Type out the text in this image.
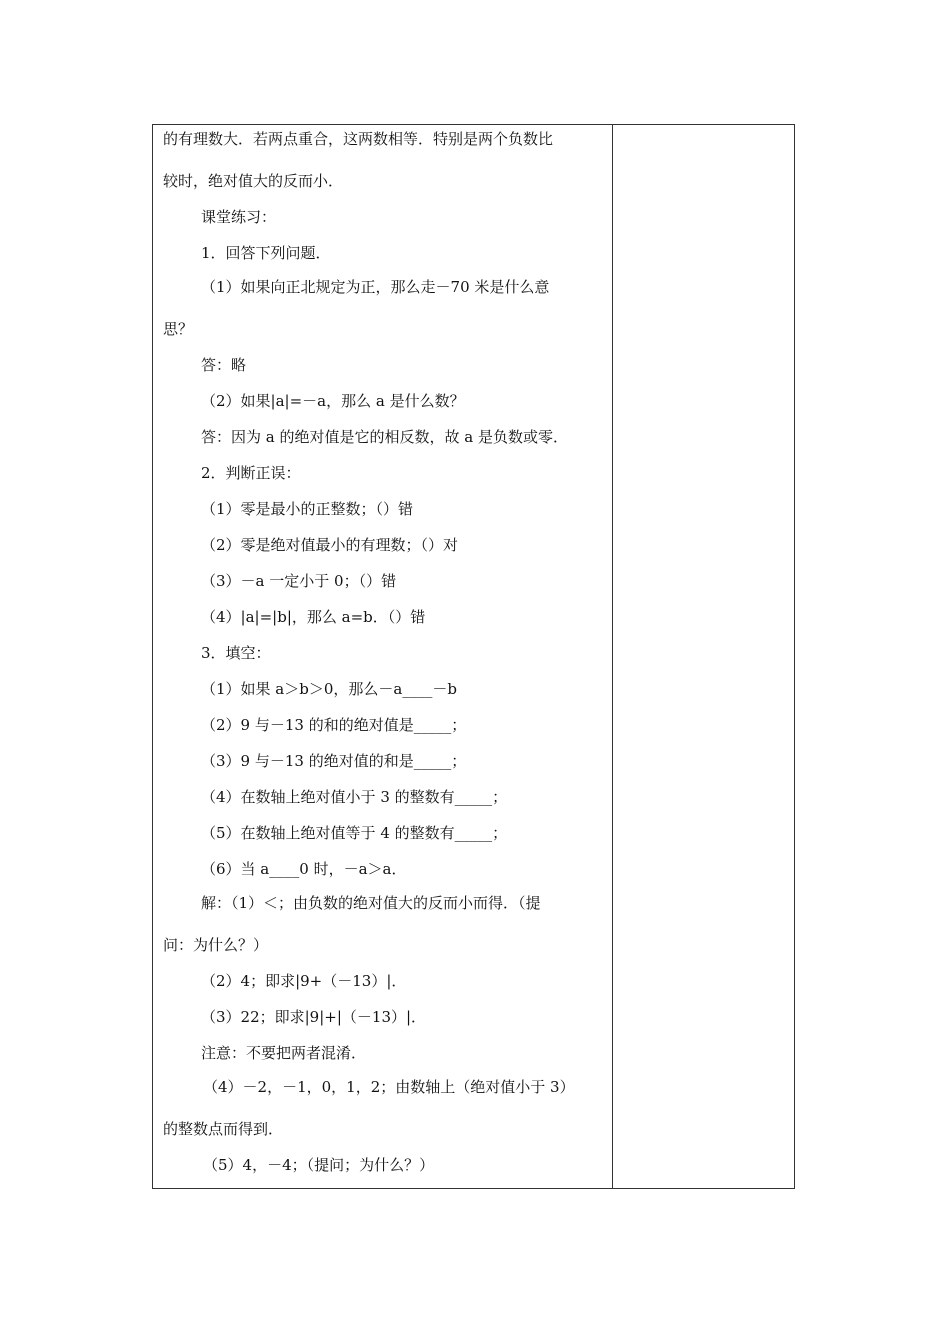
的有理数大．若两点重合，这两数相等．特别是两个负数比
较时，绝对值大的反而小．
课堂练习：
1．回答下列问题．
（1）如果向正北规定为正，那么走－70 米是什么意
思？
答：略
（2）如果|a|=－a，那么 a 是什么数？
答：因为 a 的绝对值是它的相反数，故 a 是负数或零．
2．判断正误：
（1）零是最小的正整数；（）错
（2）零是绝对值最小的有理数；（）对
（3）－a 一定小于 0；（）错
（4）|a|=|b|，那么 a=b．（）错
3．填空：
（1）如果 a＞b＞0，那么－a____－b
（2）9 与－13 的和的绝对值是_____；
（3）9 与－13 的绝对值的和是_____；
（4）在数轴上绝对值小于 3 的整数有_____；
（5）在数轴上绝对值等于 4 的整数有_____；
（6）当 a____0 时，－a＞a．
解：（1）＜；由负数的绝对值大的反而小而得．（提
问：为什么？）
（2）4；即求|9+（－13）|．
（3）22；即求|9|+|（－13）|．
注意：不要把两者混淆．
（4）－2，－1，0，1，2；由数轴上（绝对值小于 3）
的整数点而得到．
（5）4，－4；（提问；为什么？）
